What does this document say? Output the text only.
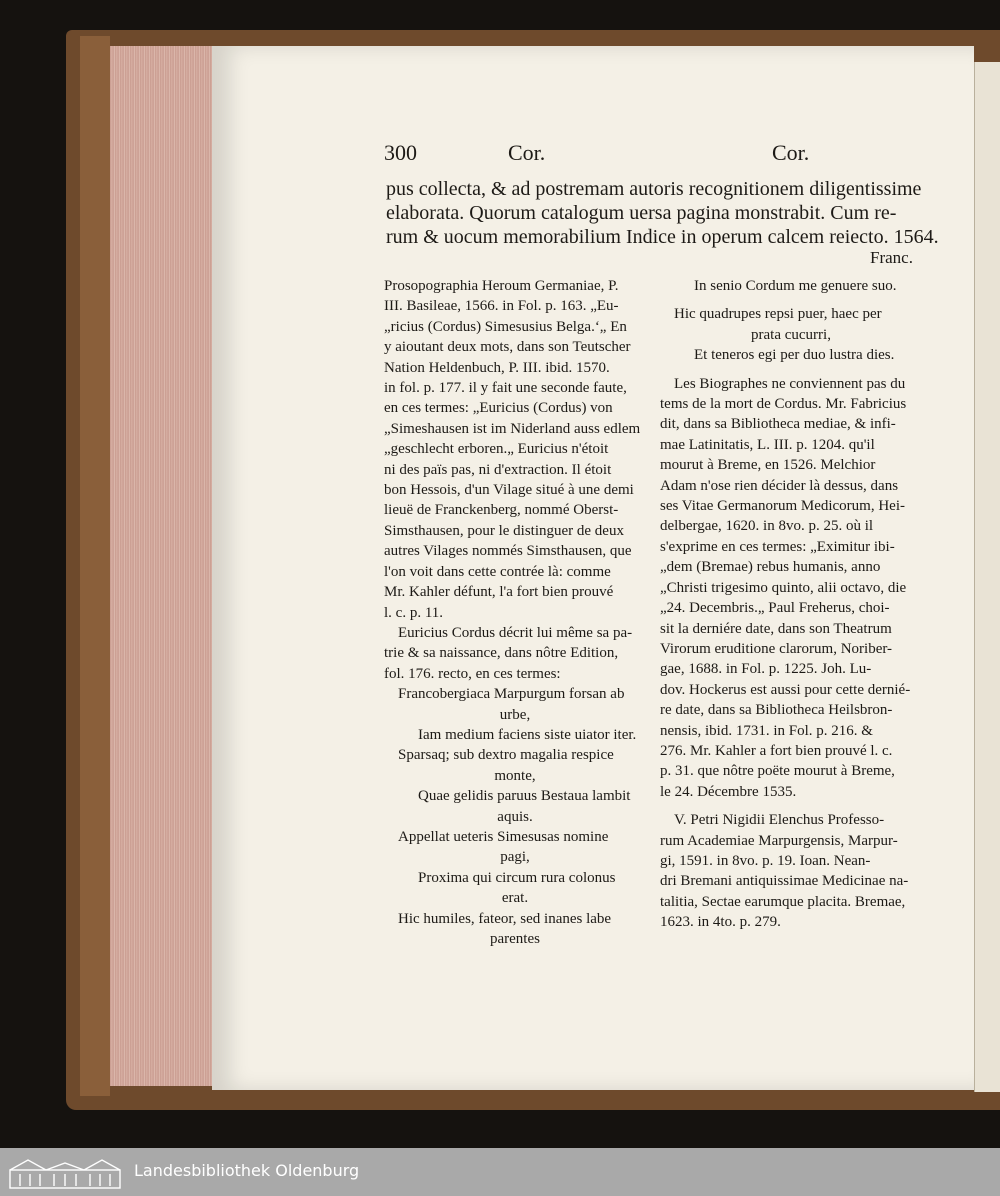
300	Cor.	Cor.
pus collecta, & ad postremam autoris recognitionem diligentissime
elaborata. Quorum catalogum uersa pagina monstrabit. Cum re-
rum & uocum memorabilium Indice in operum calcem reiecto. 1564.
Franc.
Prosopographia Heroum Germaniae, P.
III. Basileae, 1566. in Fol. p. 163. „Eu-
„ricius (Cordus) Simesusius Belga.‘„ En
y aioutant deux mots, dans son Teutscher
Nation Heldenbuch, P. III. ibid. 1570.
in fol. p. 177. il y fait une seconde faute,
en ces termes: „Euricius (Cordus) von
„Simeshausen ist im Niderland auss edlem
„geschlecht erboren.„ Euricius n'étoit
ni des païs pas, ni d'extraction. Il étoit
bon Hessois, d'un Vilage situé à une demi
lieuë de Franckenberg, nommé Oberst-
Simsthausen, pour le distinguer de deux
autres Vilages nommés Simsthausen, que
l'on voit dans cette contrée là: comme
Mr. Kahler défunt, l'a fort bien prouvé
l. c. p. 11.
Euricius Cordus décrit lui même sa pa-
trie & sa naissance, dans nôtre Edition,
fol. 176. recto, en ces termes:
Francobergiaca Marpurgum forsan ab
urbe,
Iam medium faciens siste uiator iter.
Sparsaq; sub dextro magalia respice
monte,
Quae gelidis paruus Bestaua lambit
aquis.
Appellat ueteris Simesusas nomine
pagi,
Proxima qui circum rura colonus
erat.
Hic humiles, fateor, sed inanes labe
parentes
In senio Cordum me genuere suo.
Hic quadrupes repsi puer, haec per
prata cucurri,
Et teneros egi per duo lustra dies.
Les Biographes ne conviennent pas du
tems de la mort de Cordus. Mr. Fabricius
dit, dans sa Bibliotheca mediae, & infi-
mae Latinitatis, L. III. p. 1204. qu'il
mourut à Breme, en 1526. Melchior
Adam n'ose rien décider là dessus, dans
ses Vitae Germanorum Medicorum, Hei-
delbergae, 1620. in 8vo. p. 25. où il
s'exprime en ces termes: „Eximitur ibi-
„dem (Bremae) rebus humanis, anno
„Christi trigesimo quinto, alii octavo, die
„24. Decembris.„ Paul Freherus, choi-
sit la derniére date, dans son Theatrum
Virorum eruditione clarorum, Noriber-
gae, 1688. in Fol. p. 1225. Joh. Lu-
dov. Hockerus est aussi pour cette dernié-
re date, dans sa Bibliotheca Heilsbron-
nensis, ibid. 1731. in Fol. p. 216. &
276. Mr. Kahler a fort bien prouvé l. c.
p. 31. que nôtre poëte mourut à Breme,
le 24. Décembre 1535.
V. Petri Nigidii Elenchus Professo-
rum Academiae Marpurgensis, Marpur-
gi, 1591. in 8vo. p. 19. Ioan. Nean-
dri Bremani antiquissimae Medicinae na-
talitia, Sectae earumque placita. Bremae,
1623. in 4to. p. 279.
Landesbibliothek Oldenburg
